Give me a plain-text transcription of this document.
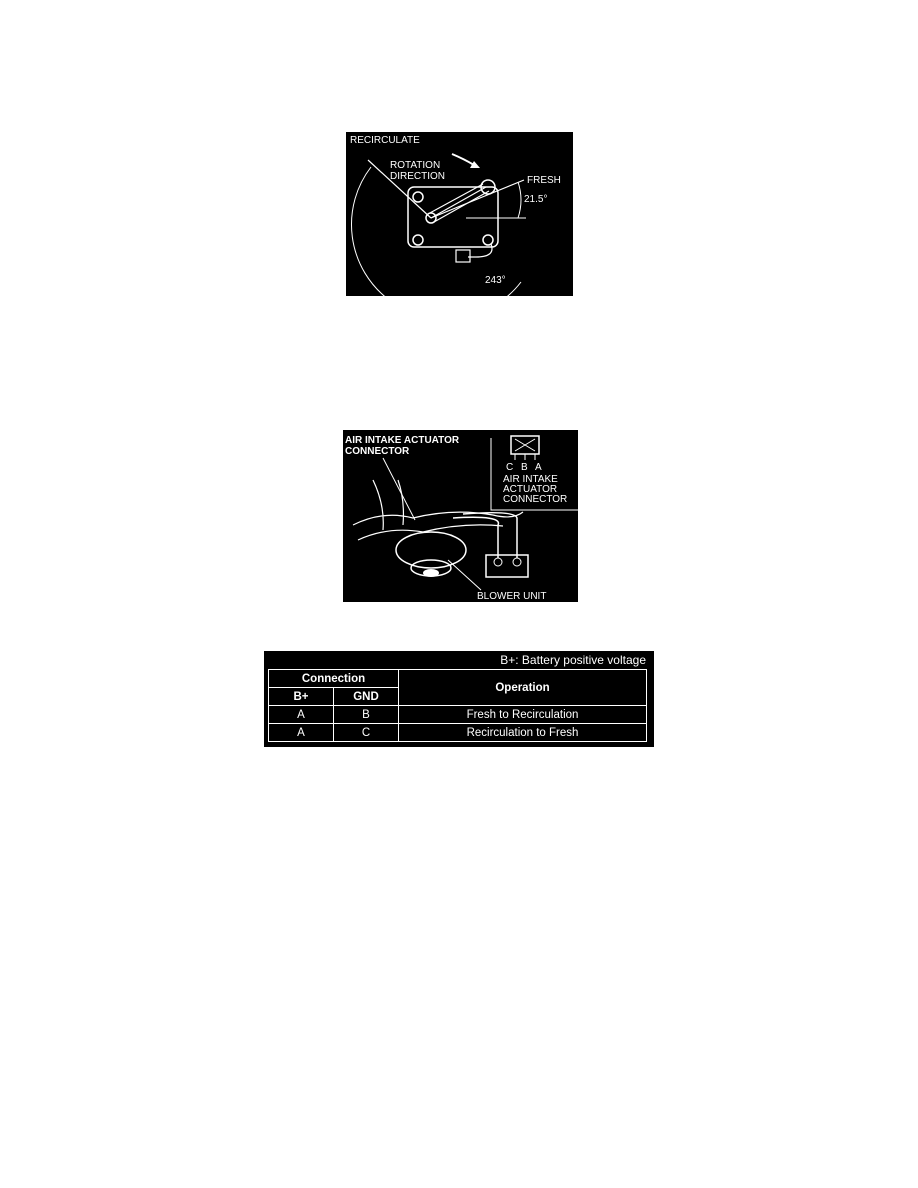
RECIRCULATE
ROTATION
DIRECTION	FRESH
21.5°
243°
C B A
AIR INTAKE
ACTUATOR
CONNECTOR
AIR INTAKE ACTUATOR
CONNECTOR
BLOWER UNIT
B+: Battery positive voltage
Connection		Operation
B+	GND	
A	B	Fresh to Recirculation
A	C	Recirculation to Fresh
